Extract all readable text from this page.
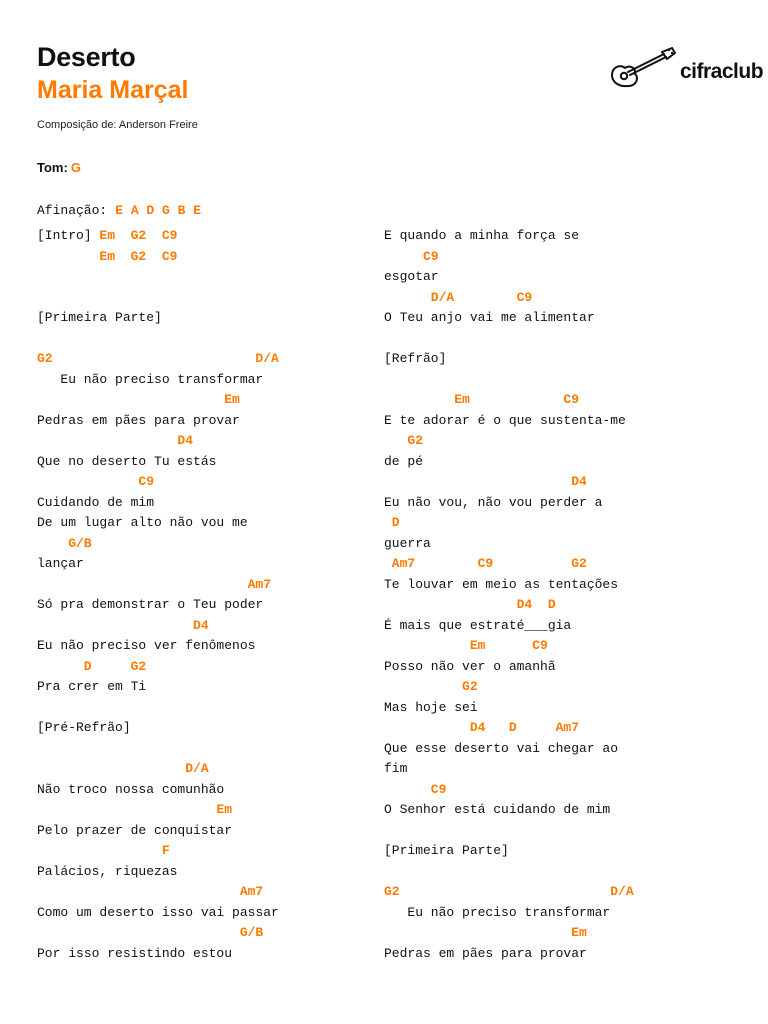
Deserto
Maria Marçal
Composição de: Anderson Freire
cifraclub
Tom: G
Afinação: E A D G B E
[Intro] Em  G2  C9
Em  G2  C9
[Primeira Parte]
G2                          D/A
Eu não preciso transformar
Em
Pedras em pães para provar
D4
Que no deserto Tu estás
C9
Cuidando de mim
De um lugar alto não vou me
G/B
lançar
Am7
Só pra demonstrar o Teu poder
D4
Eu não preciso ver fenômenos
D     G2
Pra crer em Ti
[Pré-Refrão]
D/A
Não troco nossa comunhão
Em
Pelo prazer de conquistar
F
Palácios, riquezas
Am7
Como um deserto isso vai passar
G/B
Por isso resistindo estou
E quando a minha força se
C9
esgotar
D/A        C9
O Teu anjo vai me alimentar
[Refrão]
Em            C9
E te adorar é o que sustenta-me
G2
de pé
D4
Eu não vou, não vou perder a
D
guerra
Am7        C9          G2
Te louvar em meio as tentações
D4  D
É mais que estraté___gia
Em      C9
Posso não ver o amanhã
G2
Mas hoje sei
D4   D     Am7
Que esse deserto vai chegar ao
fim
C9
O Senhor está cuidando de mim
[Primeira Parte]
G2                           D/A
Eu não preciso transformar
Em
Pedras em pães para provar
